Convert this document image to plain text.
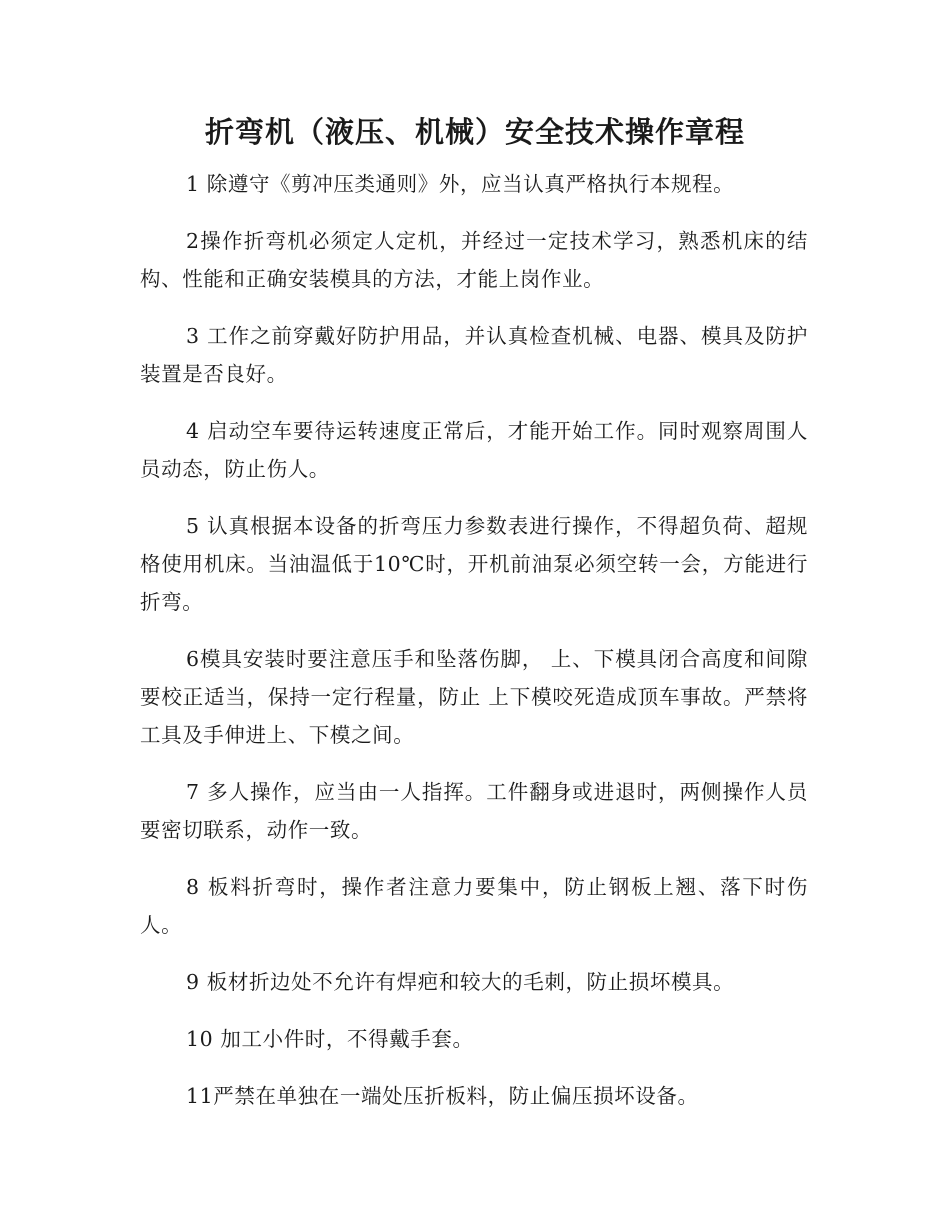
折弯机（液压、机械）安全技术操作章程

1 除遵守《剪冲压类通则》外，应当认真严格执行本规程。

2操作折弯机必须定人定机，并经过一定技术学习，熟悉机床的结构、性能和正确安装模具的方法，才能上岗作业。

3 工作之前穿戴好防护用品，并认真检查机械、电器、模具及防护装置是否良好。

4 启动空车要待运转速度正常后，才能开始工作。同时观察周围人员动态，防止伤人。

5 认真根据本设备的折弯压力参数表进行操作，不得超负荷、超规格使用机床。当油温低于10℃时，开机前油泵必须空转一会，方能进行折弯。

6模具安装时要注意压手和坠落伤脚， 上、下模具闭合高度和间隙要校正适当，保持一定行程量，防止 上下模咬死造成顶车事故。严禁将工具及手伸进上、下模之间。

7 多人操作，应当由一人指挥。工件翻身或进退时，两侧操作人员要密切联系，动作一致。

8 板料折弯时，操作者注意力要集中，防止钢板上翘、落下时伤人。

9 板材折边处不允许有焊疤和较大的毛刺，防止损坏模具。

10 加工小件时，不得戴手套。

11严禁在单独在一端处压折板料，防止偏压损坏设备。
